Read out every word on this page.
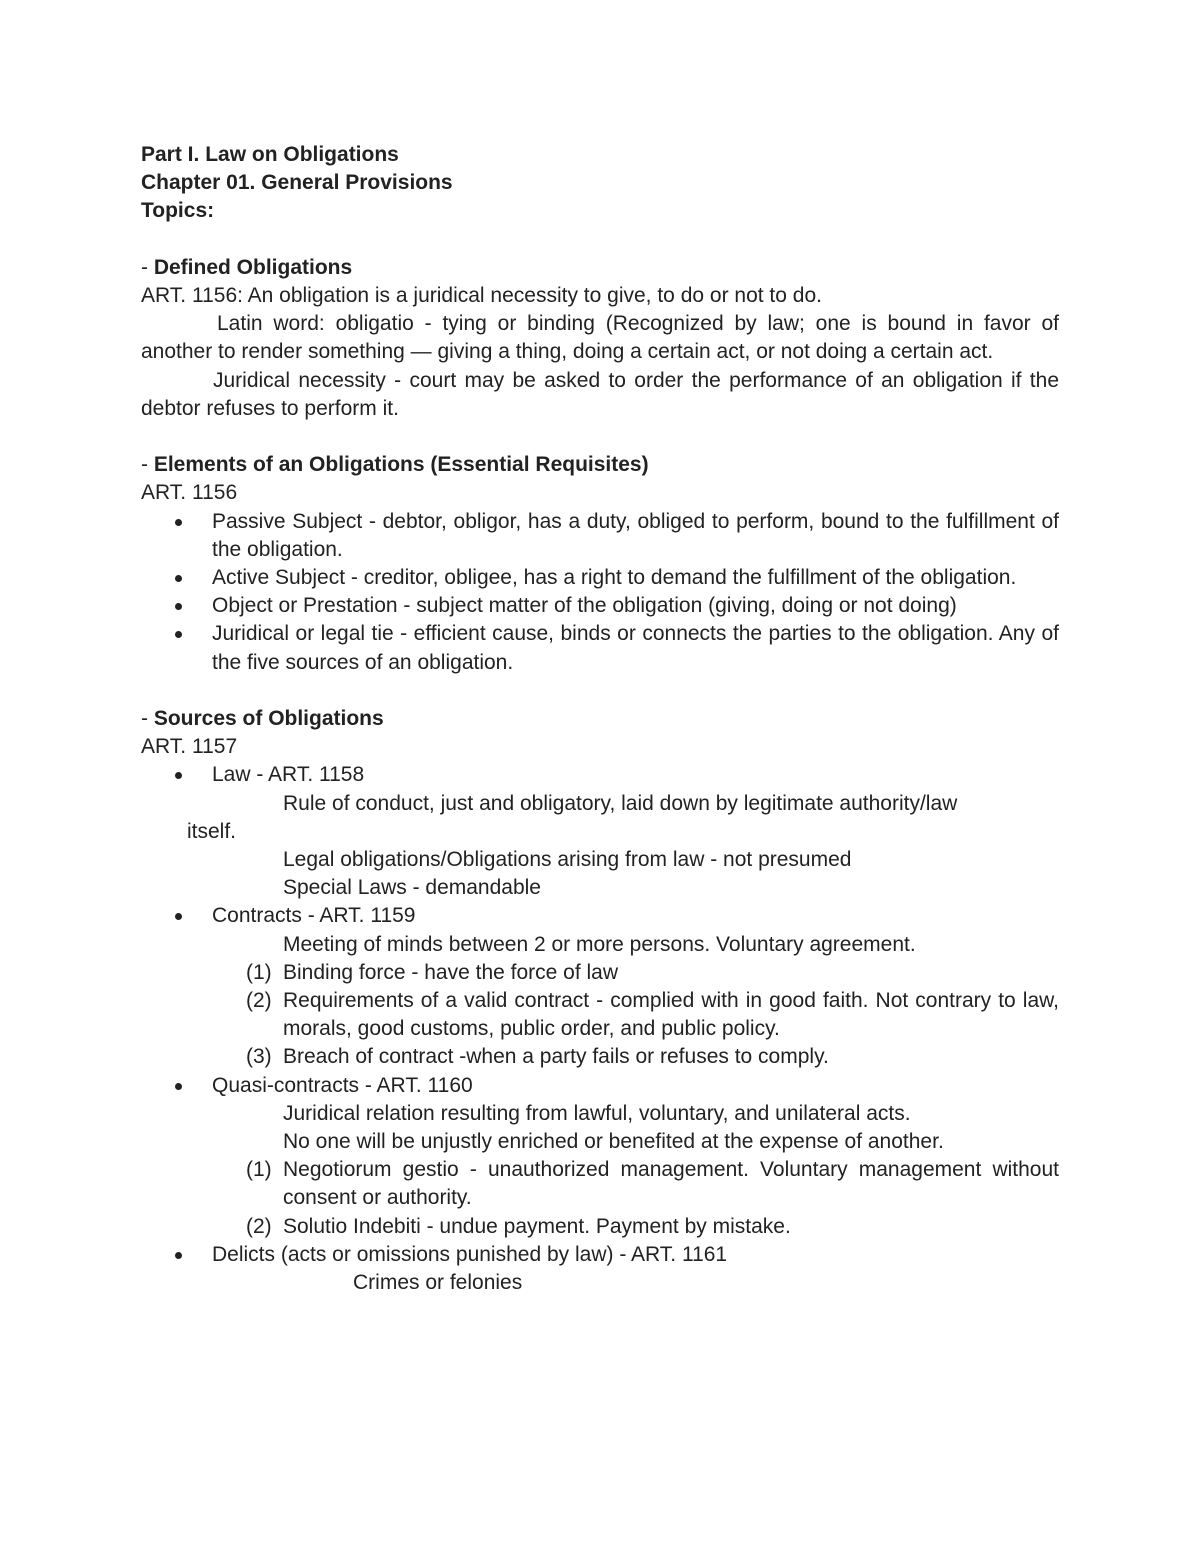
Part I. Law on Obligations

Chapter 01. General Provisions

Topics:

- Defined Obligations

ART. 1156: An obligation is a juridical necessity to give, to do or not to do.

Latin word: obligatio - tying or binding (Recognized by law; one is bound in favor of another to render something — giving a thing, doing a certain act, or not doing a certain act.

Juridical necessity - court may be asked to order the performance of an obligation if the debtor refuses to perform it.

- Elements of an Obligations (Essential Requisites)

ART. 1156

Passive Subject - debtor, obligor, has a duty, obliged to perform, bound to the fulfillment of the obligation.
Active Subject - creditor, obligee, has a right to demand the fulfillment of the obligation.
Object or Prestation - subject matter of the obligation (giving, doing or not doing)
Juridical or legal tie - efficient cause, binds or connects the parties to the obligation. Any of the five sources of an obligation.

- Sources of Obligations

ART. 1157

Law - ART. 1158

Rule of conduct, just and obligatory, laid down by legitimate authority/law

itself.

Legal obligations/Obligations arising from law - not presumed

Special Laws - demandable

Contracts - ART. 1159

Meeting of minds between 2 or more persons. Voluntary agreement.

(1) Binding force - have the force of law
(2) Requirements of a valid contract - complied with in good faith. Not contrary to law, morals, good customs, public order, and public policy.
(3) Breach of contract -when a party fails or refuses to comply.
Quasi-contracts - ART. 1160

Juridical relation resulting from lawful, voluntary, and unilateral acts.

No one will be unjustly enriched or benefited at the expense of another.

(1) Negotiorum gestio - unauthorized management. Voluntary management without consent or authority.
(2) Solutio Indebiti - undue payment. Payment by mistake.
Delicts (acts or omissions punished by law) - ART. 1161

Crimes or felonies
